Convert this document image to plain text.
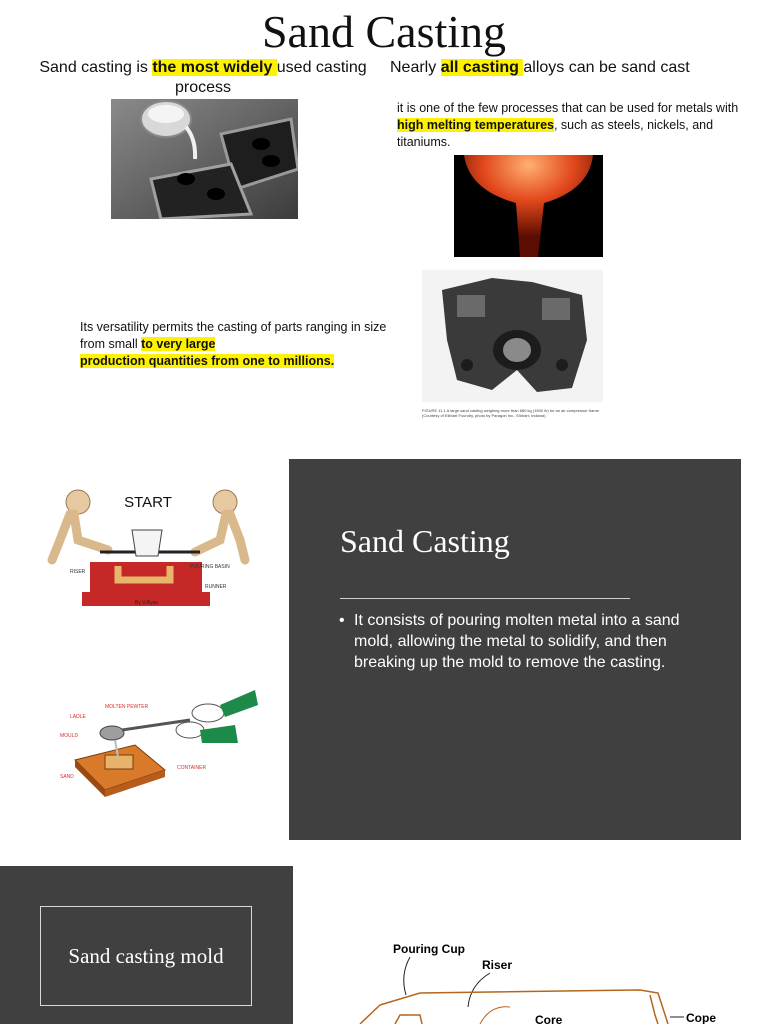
Sand Casting
Sand casting is the most widely used casting process
Nearly all casting alloys can be sand cast
it is one of the few processes that can be used for metals with high melting temperatures, such as steels, nickels, and titaniums.
Its versatility permits the casting of parts ranging in size from small to very large
production quantities from one to millions.
FIGURE 11.1 A large sand casting weighing more than 680 kg (1500 lb) for an air compressor frame. (Courtesy of Elkhart Foundry, photo by Paragon Inc., Elkhart, Indiana)
START
RISER
POURING BASIN
RUNNER
By V.Ryan
MOLTEN PEWTER
LADLE
MOULD
SAND
CONTAINER
Sand Casting
• It consists of pouring molten metal into a sand mold, allowing the metal to solidify, and then breaking up the mold to remove the casting.
Sand casting mold	Pouring Cup
Riser
Core	Cope
